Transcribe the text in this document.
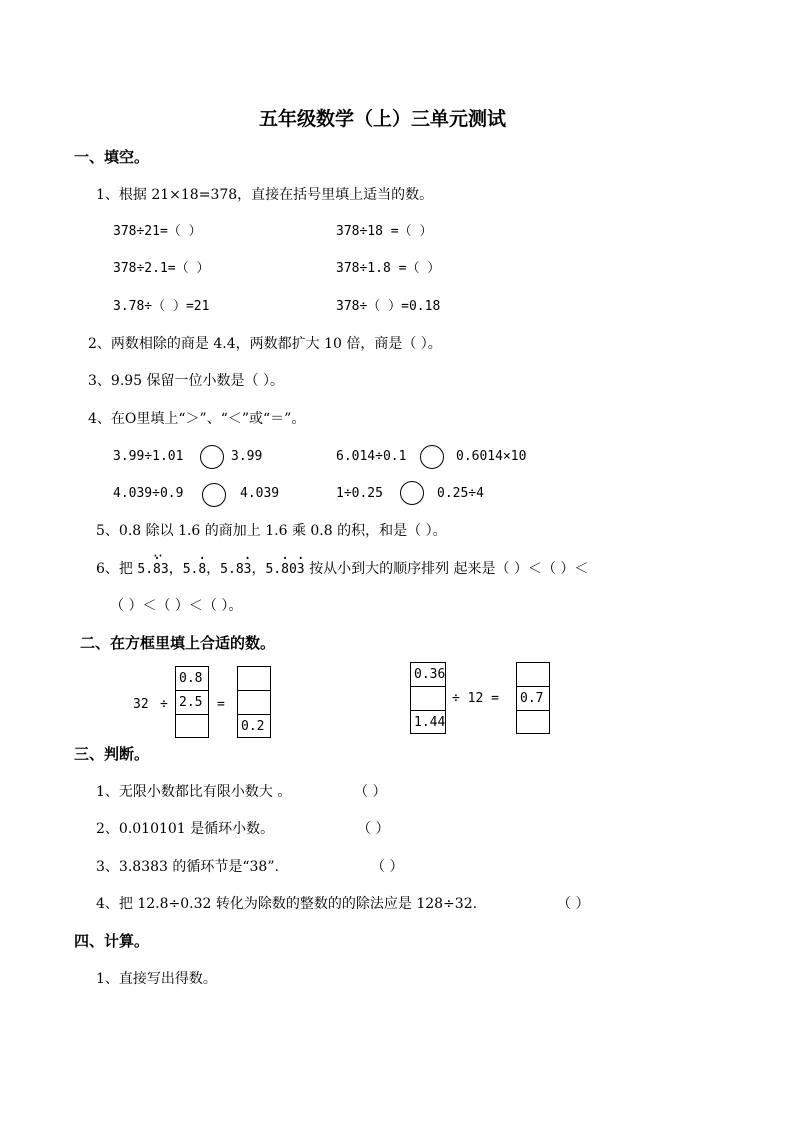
五年级数学（上）三单元测试
一、填空。
1、根据 21×18=378，直接在括号里填上适当的数。
378÷21=（ ）	378÷18 =（ ）
378÷2.1=（ ）	378÷1.8 =（ ）
3.78÷（ ）=21	378÷（ ）=0.18
2、两数相除的商是 4.4，两数都扩大 10 倍，商是（ ）。
3、9.95 保留一位小数是（ ）。
4、在O里填上“＞”、“＜”或“＝”。
3.99÷1.01	3.99	6.014÷0.1	0.6014×10
4.039÷0.9	4.039	1÷0.25	0.25÷4
5、0.8 除以 1.6 的商加上 1.6 乘 0.8 的积，和是（ ）。
6、把 5.· 8 ··3，5.· 8，5.8· 3，5.· 80· 3 按从小到大的顺序排列 起来是（ ）＜（ ）＜
（ ）＜（ ）＜（ ）。
二、在方框里填上合适的数。
32 ÷
0.8
2.5	=
0.2
0.36
1.44
÷ 12 = 0.7
三、判断。
1、无限小数都比有限小数大 。	（ ）
2、0.010101 是循环小数。	（ ）
3、3.8383 的循环节是“38”.	（ ）
4、把 12.8÷0.32 转化为除数的整数的的除法应是 128÷32.	（ ）
四、计算。
1、直接写出得数。
